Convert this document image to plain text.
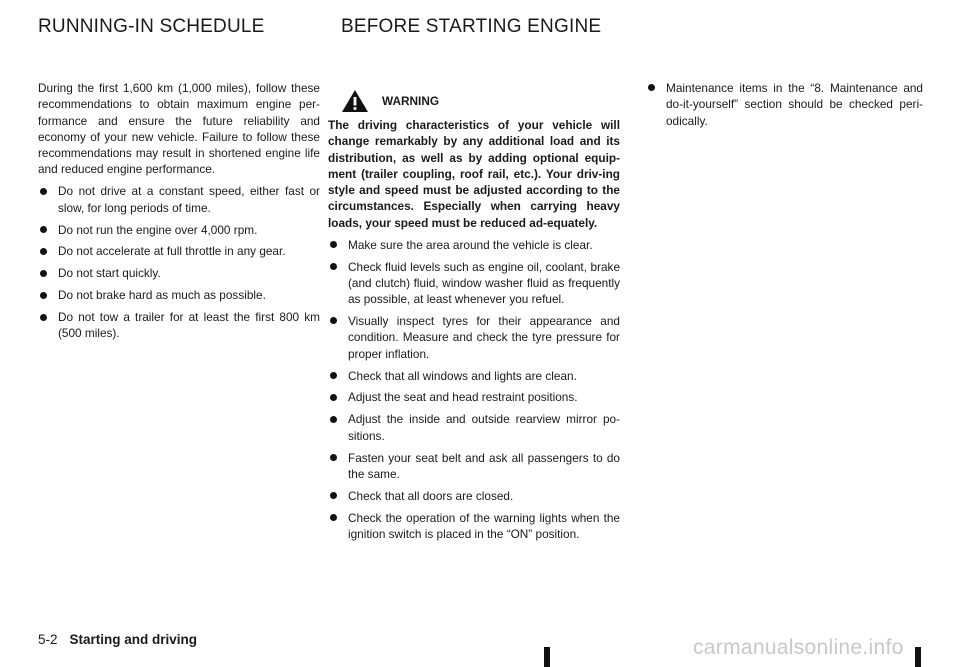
RUNNING-IN SCHEDULE	BEFORE STARTING ENGINE

During the first 1,600 km (1,000 miles), follow these recommendations to obtain maximum engine per-formance and ensure the future reliability and economy of your new vehicle. Failure to follow these recommendations may result in shortened engine life and reduced engine performance.

Do not drive at a constant speed, either fast or slow, for long periods of time.
Do not run the engine over 4,000 rpm.
Do not accelerate at full throttle in any gear.
Do not start quickly.
Do not brake hard as much as possible.
Do not tow a trailer for at least the first 800 km (500 miles).
WARNING

The driving characteristics of your vehicle will change remarkably by any additional load and its distribution, as well as by adding optional equip-ment (trailer coupling, roof rail, etc.). Your driv-ing style and speed must be adjusted according to the circumstances. Especially when carrying heavy loads, your speed must be reduced ad-equately.

Make sure the area around the vehicle is clear.
Check fluid levels such as engine oil, coolant, brake (and clutch) fluid, window washer fluid as frequently as possible, at least whenever you refuel.
Visually inspect tyres for their appearance and condition. Measure and check the tyre pressure for proper inflation.
Check that all windows and lights are clean.
Adjust the seat and head restraint positions.
Adjust the inside and outside rearview mirror po-sitions.
Fasten your seat belt and ask all passengers to do the same.
Check that all doors are closed.
Check the operation of the warning lights when the ignition switch is placed in the “ON” position.
Maintenance items in the “8. Maintenance and do-it-yourself” section should be checked peri-odically.
5-2 Starting and driving	carmanualsonline.info
